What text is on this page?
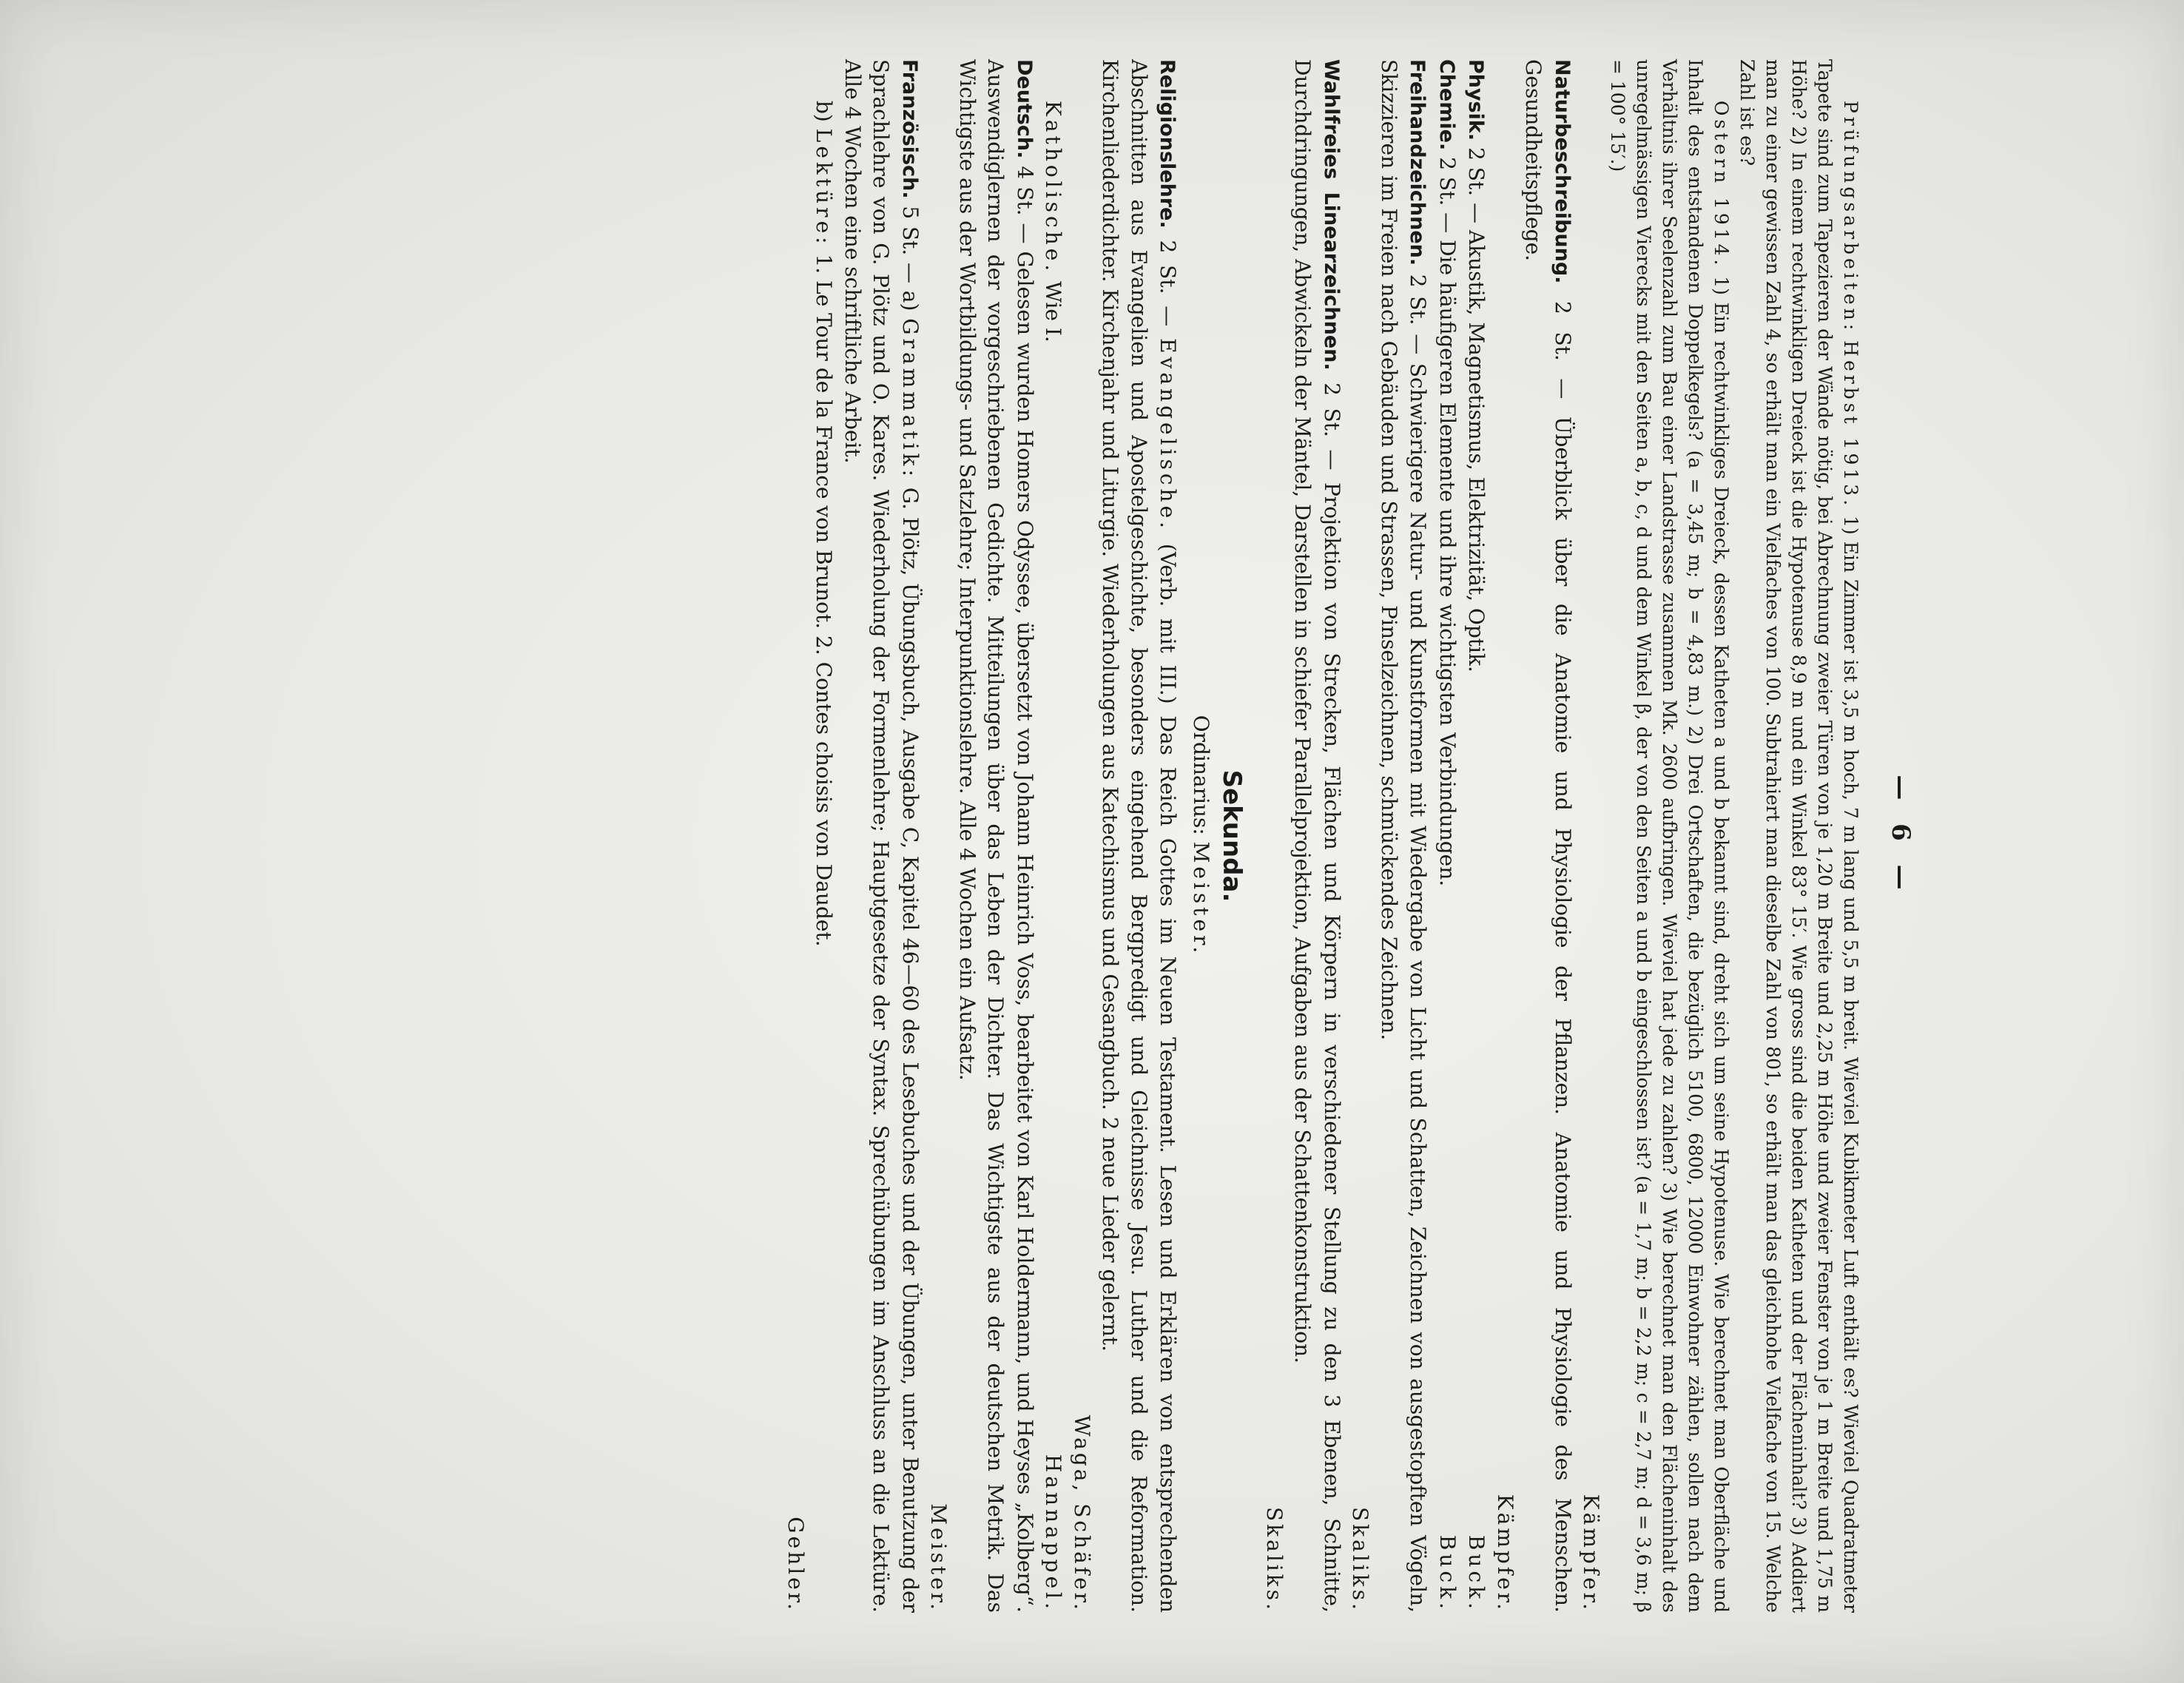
— 6 —

Prüfungsarbeiten: Herbst 1913. 1) Ein Zimmer ist 3,5 m hoch, 7 m lang und 5,5 m breit. Wieviel Kubikmeter Luft enthält es? Wieviel Quadratmeter Tapete sind zum Tapezieren der Wände nötig, bei Abrechnung zweier Türen von je 1,20 m Breite und 2,25 m Höhe und zweier Fenster von je 1 m Breite und 1,75 m Höhe? 2) In einem rechtwinkligen Dreieck ist die Hypotenuse 8,9 m und ein Winkel 83° 15′. Wie gross sind die beiden Katheten und der Flächeninhalt? 3) Addiert man zu einer gewissen Zahl 4, so erhält man ein Vielfaches von 100. Subtrahiert man dieselbe Zahl von 801, so erhält man das gleichhohe Vielfache von 15. Welche Zahl ist es?

Ostern 1914. 1) Ein rechtwinkliges Dreieck, dessen Katheten a und b bekannt sind, dreht sich um seine Hypotenuse. Wie berechnet man Oberfläche und Inhalt des entstandenen Doppelkegels? (a = 3,45 m; b = 4,83 m.) 2) Drei Ortschaften, die bezüglich 5100, 6800, 12000 Einwohner zählen, sollen nach dem Verhältnis ihrer Seelenzahl zum Bau einer Landstrasse zusammen Mk. 2600 aufbringen. Wieviel hat jede zu zahlen? 3) Wie berechnet man den Flächeninhalt des unregelmässigen Vierecks mit den Seiten a, b, c, d und dem Winkel β, der von den Seiten a und b eingeschlossen ist? (a = 1,7 m; b = 2,2 m; c = 2,7 m; d = 3,6 m; β = 100° 15′.)

Kämpfer.

Naturbeschreibung. 2 St. — Überblick über die Anatomie und Physiologie der Pflanzen. Anatomie und Physiologie des Menschen. Gesundheitspflege.

Kämpfer.

Physik. 2 St. — Akustik, Magnetismus, Elektrizität, Optik.
Buck.

Chemie. 2 St. — Die häufigeren Elemente und ihre wichtigsten Verbindungen.
Buck.

Freihandzeichnen. 2 St. — Schwierigere Natur- und Kunstformen mit Wiedergabe von Licht und Schatten, Zeichnen von ausgestopften Vögeln, Skizzieren im Freien nach Gebäuden und Strassen, Pinselzeichnen, schmückendes Zeichnen.

Skaliks.

Wahlfreies Linearzeichnen. 2 St. — Projektion von Strecken, Flächen und Körpern in verschiedener Stellung zu den 3 Ebenen, Schnitte, Durchdringungen, Abwickeln der Mäntel, Darstellen in schiefer Parallelprojektion, Aufgaben aus der Schattenkonstruktion.

Skaliks.

Sekunda.
Ordinarius: Meister.

Religionslehre. 2 St. — Evangelische. (Verb. mit III.) Das Reich Gottes im Neuen Testament. Lesen und Erklären von entsprechenden Abschnitten aus Evangelien und Apostelgeschichte, besonders eingehend Bergpredigt und Gleichnisse Jesu. Luther und die Reformation. Kirchenliederdichter. Kirchenjahr und Liturgie. Wiederholungen aus Katechismus und Gesangbuch. 2 neue Lieder gelernt.

Waga, Schäfer.

Katholische. Wie I.
Hannappel.

Deutsch. 4 St. — Gelesen wurden Homers Odyssee, übersetzt von Johann Heinrich Voss, bearbeitet von Karl Holdermann, und Heyses „Kolberg“. Auswendiglernen der vorgeschriebenen Gedichte. Mitteilungen über das Leben der Dichter. Das Wichtigste aus der deutschen Metrik. Das Wichtigste aus der Wortbildungs- und Satzlehre; Interpunktionslehre. Alle 4 Wochen ein Aufsatz.

Meister.

Französisch. 5 St. — a) Grammatik: G. Plötz, Übungsbuch, Ausgabe C, Kapitel 46—60 des Lesebuches und der Übungen, unter Benutzung der Sprachlehre von G. Plötz und O. Kares. Wiederholung der Formenlehre; Hauptgesetze der Syntax. Sprechübungen im Anschluss an die Lektüre. Alle 4 Wochen eine schriftliche Arbeit.

b) Lektüre: 1. Le Tour de la France von Brunot. 2. Contes choisis von Daudet.

Gehler.
